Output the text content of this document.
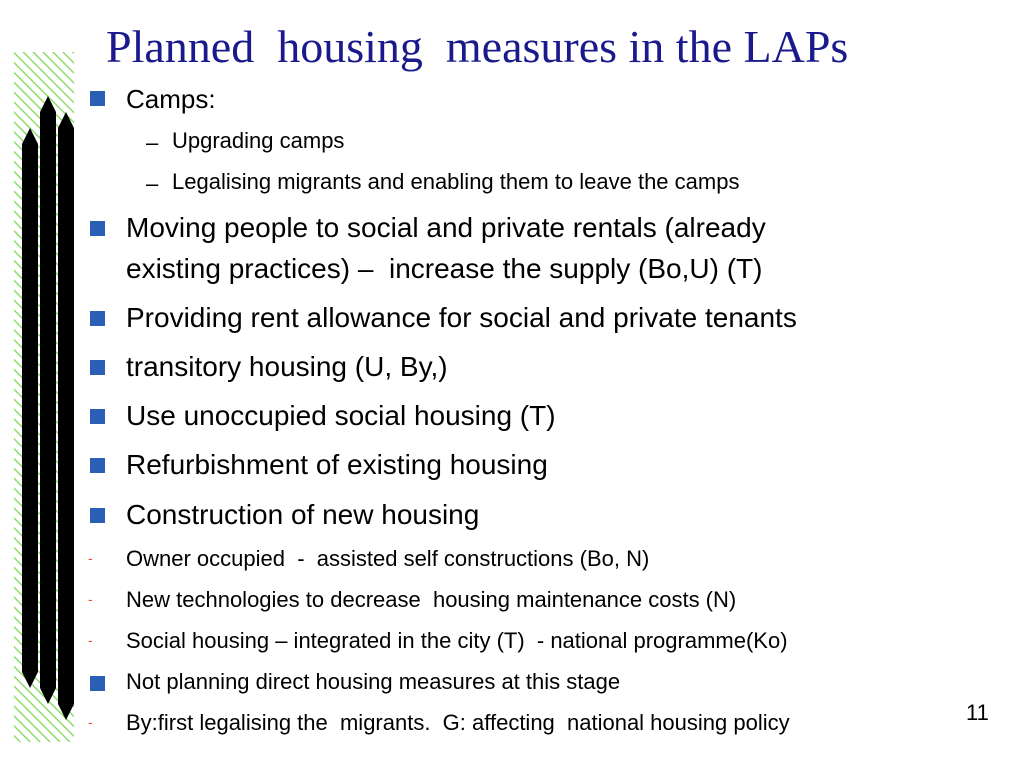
Planned  housing  measures in the LAPs
Camps:
– Upgrading camps
– Legalising migrants and enabling them to leave the camps
Moving people to social and private rentals (already
existing practices) –  increase the supply (Bo,U) (T)
Providing rent allowance for social and private tenants
transitory housing (U, By,)
Use unoccupied social housing (T)
Refurbishment of existing housing
Construction of new housing
- Owner occupied  -  assisted self constructions (Bo, N)
- New technologies to decrease  housing maintenance costs (N)
- Social housing – integrated in the city (T)  - national programme(Ko)
Not planning direct housing measures at this stage
- By:first legalising the  migrants.  G: affecting  national housing policy	11
